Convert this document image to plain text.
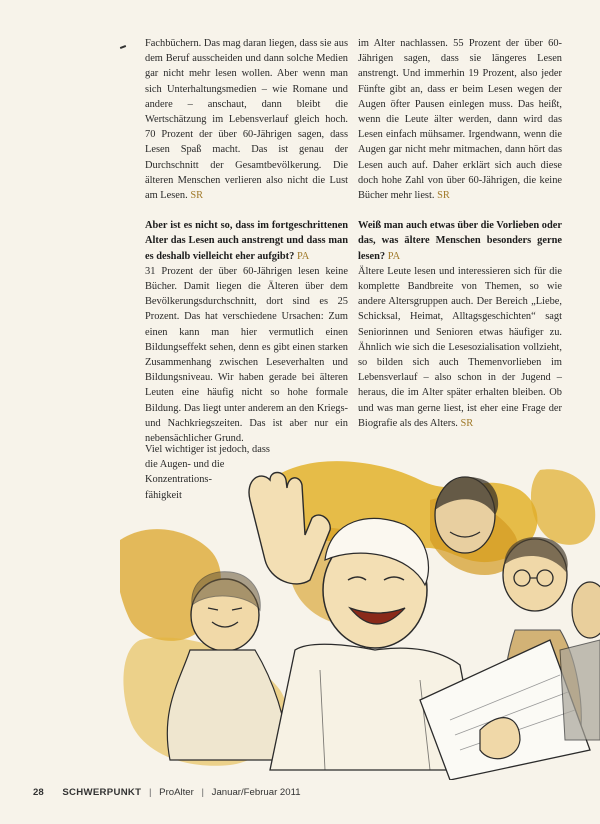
Fachbüchern. Das mag daran liegen, dass sie aus dem Beruf ausscheiden und dann solche Medien gar nicht mehr lesen wollen. Aber wenn man sich Unterhaltungsmedien – wie Romane und andere – anschaut, dann bleibt die Wertschätzung im Lebensverlauf gleich hoch. 70 Prozent der über 60-Jährigen sagen, dass Lesen Spaß macht. Das ist genau der Durchschnitt der Gesamtbevölkerung. Die älteren Menschen verlieren also nicht die Lust am Lesen. SR

Aber ist es nicht so, dass im fortgeschrittenen Alter das Lesen auch anstrengt und dass man es deshalb vielleicht eher aufgibt? PA

31 Prozent der über 60-Jährigen lesen keine Bücher. Damit liegen die Älteren über dem Bevölkerungsdurchschnitt, dort sind es 25 Prozent. Das hat verschiedene Ursachen: Zum einen kann man hier vermutlich einen Bildungseffekt sehen, denn es gibt einen starken Zusammenhang zwischen Leseverhalten und Bildungsniveau. Wir haben gerade bei älteren Leuten eine häufig nicht so hohe formale Bildung. Das liegt unter anderem an den Kriegs- und Nachkriegszeiten. Das ist aber nur ein nebensächlicher Grund.

im Alter nachlassen. 55 Prozent der über 60-Jährigen sagen, dass sie längeres Lesen anstrengt. Und immerhin 19 Prozent, also jeder Fünfte gibt an, dass er beim Lesen wegen der Augen öfter Pausen einlegen muss. Das heißt, wenn die Leute älter werden, dann wird das Lesen einfach mühsamer. Irgendwann, wenn die Augen gar nicht mehr mitmachen, dann hört das Lesen auch auf. Daher erklärt sich auch diese doch hohe Zahl von über 60-Jährigen, die keine Bücher mehr liest. SR

Weiß man auch etwas über die Vorlieben oder das, was ältere Menschen besonders gerne lesen? PA

Ältere Leute lesen und interessieren sich für die komplette Bandbreite von Themen, so wie andere Altersgruppen auch. Der Bereich „Liebe, Schicksal, Heimat, Alltagsgeschichten“ sagt Seniorinnen und Senioren etwas häufiger zu. Ähnlich wie sich die Lesesozialisation vollzieht, so bilden sich auch Themenvorlieben im Lebensverlauf – also schon in der Jugend – heraus, die im Alter später erhalten bleiben. Ob und was man gerne liest, ist eher eine Frage der Biografie als des Alters. SR

Viel wichtiger ist jedoch, dass

die Augen- und die

Konzentrations-

fähigkeit

28 SCHWERPUNKT | ProAlter | Januar/Februar 2011
